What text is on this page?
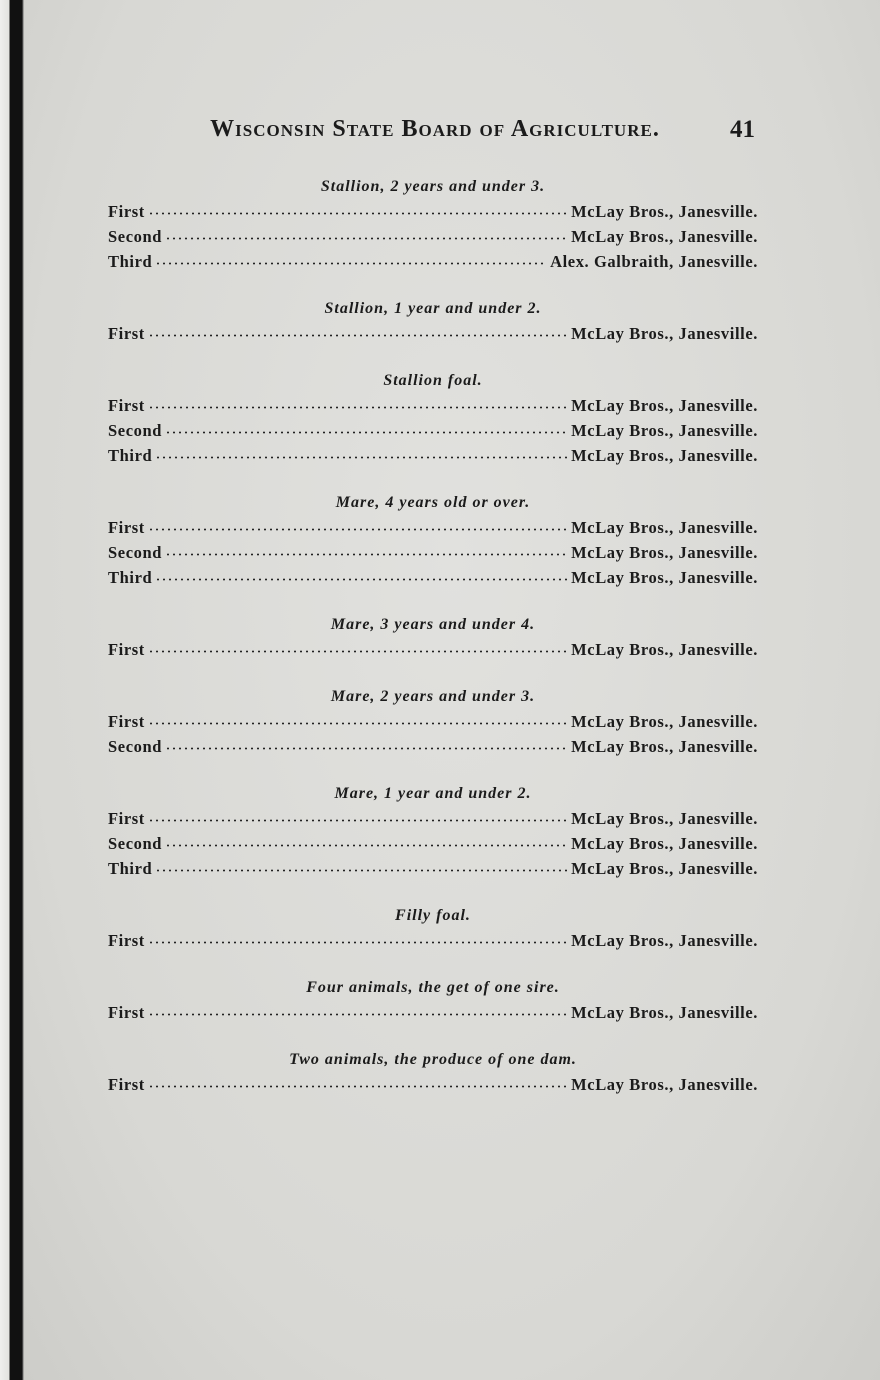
Wisconsin State Board of Agriculture.	41
Stallion, 2 years and under 3.
First	McLay Bros., Janesville.
Second	McLay Bros., Janesville.
Third	Alex. Galbraith, Janesville.
Stallion, 1 year and under 2.
First	McLay Bros., Janesville.
Stallion foal.
First	McLay Bros., Janesville.
Second	McLay Bros., Janesville.
Third	McLay Bros., Janesville.
Mare, 4 years old or over.
First	McLay Bros., Janesville.
Second	McLay Bros., Janesville.
Third	McLay Bros., Janesville.
Mare, 3 years and under 4.
First	McLay Bros., Janesville.
Mare, 2 years and under 3.
First	McLay Bros., Janesville.
Second	McLay Bros., Janesville.
Mare, 1 year and under 2.
First	McLay Bros., Janesville.
Second	McLay Bros., Janesville.
Third	McLay Bros., Janesville.
Filly foal.
First	McLay Bros., Janesville.
Four animals, the get of one sire.
First	McLay Bros., Janesville.
Two animals, the produce of one dam.
First	McLay Bros., Janesville.
